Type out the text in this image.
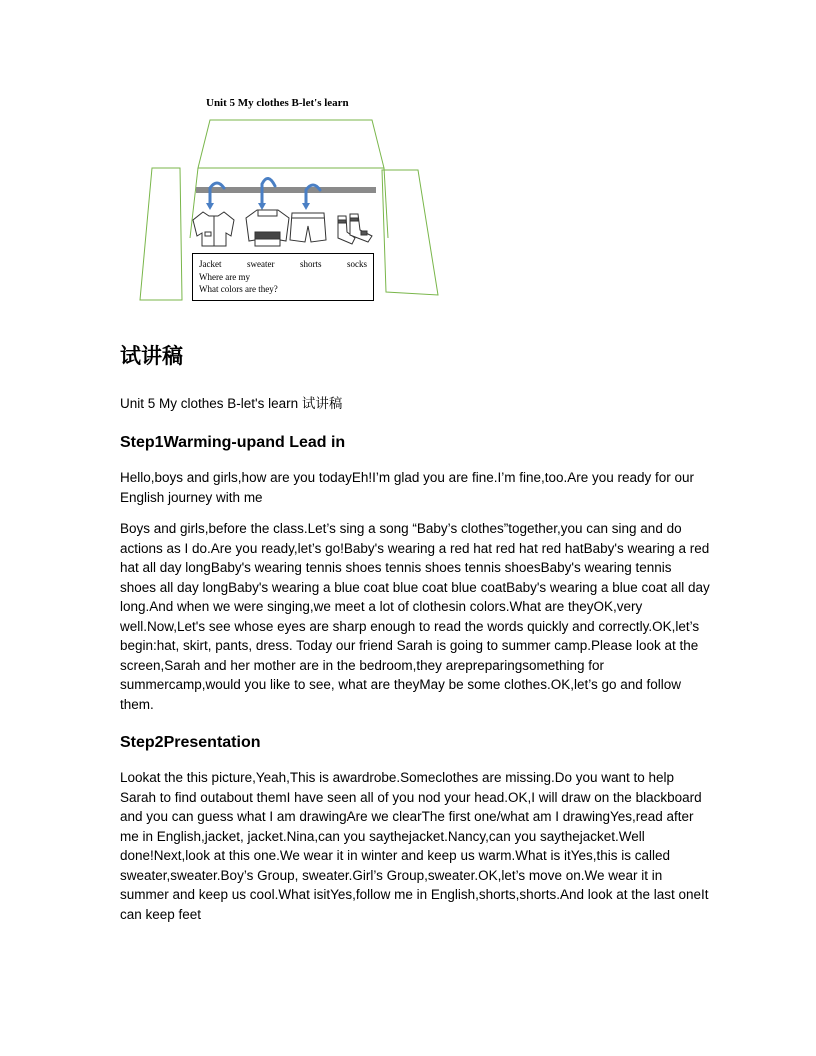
Unit 5 My clothes B-let's learn
Jacket	sweater	shorts	socks
Where are my
What colors are they?
试讲稿

Unit 5 My clothes B-let's learn 试讲稿

Step1Warming-upand Lead in

Hello,boys and girls,how are you todayEh!I’m glad you are fine.I’m fine,too.Are you ready for our English journey with me

Boys and girls,before the class.Let’s sing a song “Baby’s clothes”together,you can sing and do actions as I do.Are you ready,let’s go!Baby's wearing a red hat red hat red hatBaby's wearing a red hat all day longBaby's wearing tennis shoes tennis shoes tennis shoesBaby's wearing tennis shoes all day longBaby's wearing a blue coat blue coat blue coatBaby's wearing a blue coat all day long.And when we were singing,we meet a lot of clothesin colors.What are theyOK,very well.Now,Let's see whose eyes are sharp enough to read the words quickly and correctly.OK,let’s begin:hat, skirt, pants, dress. Today our friend Sarah is going to summer camp.Please look at the screen,Sarah and her mother are in the bedroom,they arepreparingsomething for summercamp,would you like to see, what are theyMay be some clothes.OK,let’s go and follow them.

Step2Presentation

Lookat the this picture,Yeah,This is awardrobe.Someclothes are missing.Do you want to help Sarah to find outabout themI have seen all of you nod your head.OK,I will draw on the blackboard and you can guess what I am drawingAre we clearThe first one/what am I drawingYes,read after me in English,jacket, jacket.Nina,can you saythejacket.Nancy,can you saythejacket.Well done!Next,look at this one.We wear it in winter and keep us warm.What is itYes,this is called sweater,sweater.Boy’s Group, sweater.Girl’s Group,sweater.OK,let’s move on.We wear it in summer and keep us cool.What isitYes,follow me in English,shorts,shorts.And look at the last oneIt can keep feet
